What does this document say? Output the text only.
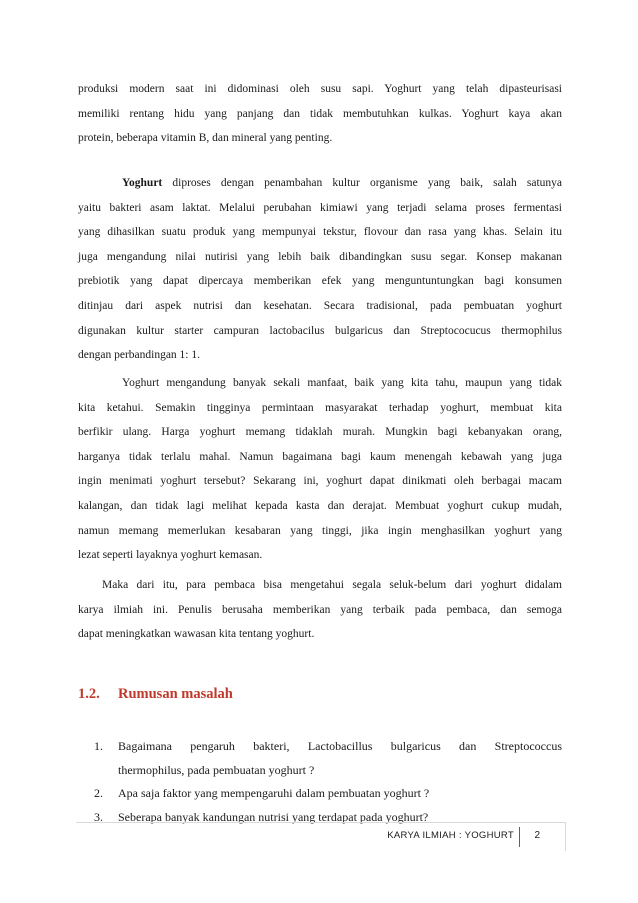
produksi modern saat ini didominasi oleh susu sapi. Yoghurt yang telah dipasteurisasi
memiliki rentang hidu yang panjang dan tidak membutuhkan kulkas. Yoghurt kaya akan
protein, beberapa vitamin B, dan mineral yang penting.
Yoghurt diproses dengan penambahan kultur organisme yang baik, salah satunya
yaitu bakteri asam laktat. Melalui perubahan kimiawi yang terjadi selama proses fermentasi
yang dihasilkan suatu produk yang mempunyai tekstur, flovour dan rasa yang khas. Selain itu
juga mengandung nilai nutirisi yang lebih baik dibandingkan susu segar. Konsep makanan
prebiotik yang dapat dipercaya memberikan efek yang menguntuntungkan bagi konsumen
ditinjau dari aspek nutrisi dan kesehatan. Secara tradisional, pada pembuatan yoghurt
digunakan kultur starter campuran lactobacilus bulgaricus dan Streptococucus thermophilus
dengan perbandingan 1: 1.
Yoghurt mengandung banyak sekali manfaat, baik yang kita tahu, maupun yang tidak
kita ketahui. Semakin tingginya permintaan masyarakat terhadap yoghurt, membuat kita
berfikir ulang. Harga yoghurt memang tidaklah murah. Mungkin bagi kebanyakan orang,
harganya tidak terlalu mahal. Namun bagaimana bagi kaum menengah kebawah yang juga
ingin menimati yoghurt tersebut? Sekarang ini, yoghurt dapat dinikmati oleh berbagai macam
kalangan, dan tidak lagi melihat kepada kasta dan derajat. Membuat yoghurt cukup mudah,
namun memang memerlukan kesabaran yang tinggi, jika ingin menghasilkan yoghurt yang
lezat seperti layaknya yoghurt kemasan.
Maka dari itu, para pembaca bisa mengetahui segala seluk-belum dari yoghurt didalam
karya ilmiah ini. Penulis berusaha memberikan yang terbaik pada pembaca, dan semoga
dapat meningkatkan wawasan kita tentang yoghurt.
1.2. Rumusan masalah
1. Bagaimana pengaruh bakteri, Lactobacillus bulgaricus dan Streptococcus
thermophilus, pada pembuatan yoghurt ?
2. Apa saja faktor yang mempengaruhi dalam pembuatan yoghurt ?
3. Seberapa banyak kandungan nutrisi yang terdapat pada yoghurt?
KARYA ILMIAH : YOGHURT 2
